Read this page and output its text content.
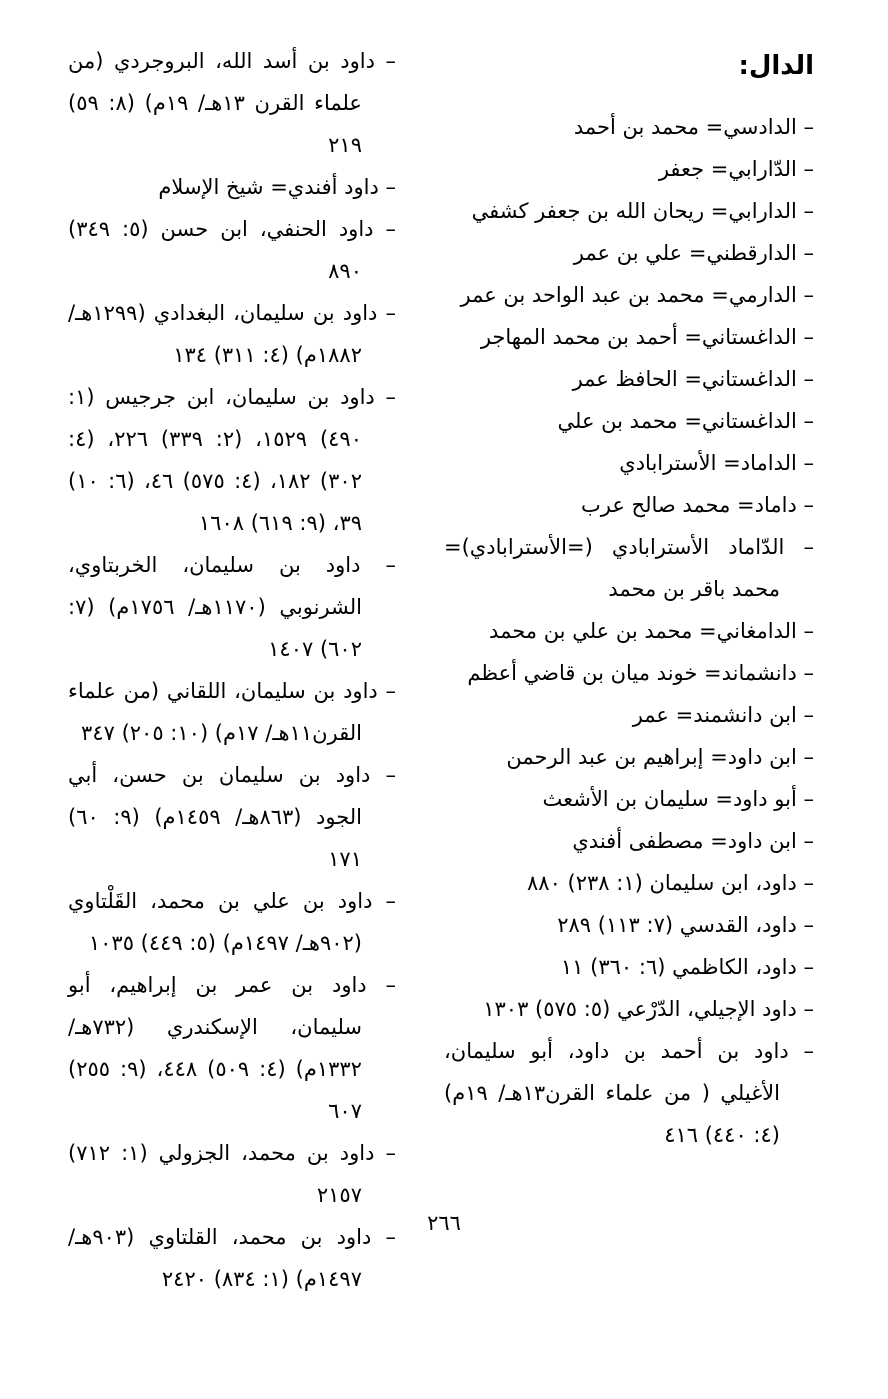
الدال:

– الدادسي= محمد بن أحمد

– الدّارابي= جعفر

– الدارابي= ريحان الله بن جعفر كشفي

– الدارقطني= علي بن عمر

– الدارمي= محمد بن عبد الواحد بن عمر

– الداغستاني= أحمد بن محمد المهاجر

– الداغستاني= الحافظ عمر

– الداغستاني= محمد بن علي

– الداماد= الأسترابادي

– داماد= محمد صالح عرب

– الدّاماد الأسترابادي (=الأسترابادي)= محمد باقر بن محمد

– الدامغاني= محمد بن علي بن محمد

– دانشماند= خوند ميان بن قاضي أعظم

– ابن دانشمند= عمر

– ابن داود= إبراهيم بن عبد الرحمن

– أبو داود= سليمان بن الأشعث

– ابن داود= مصطفى أفندي

– داود، ابن سليمان (١: ٢٣٨) ٨٨٠

– داود، القدسي (٧: ١١٣) ٢٨٩

– داود، الكاظمي (٦: ٣٦٠) ١١

– داود الإجيلي، الدّرْعي (٥: ٥٧٥) ١٣٠٣

– داود بن أحمد بن داود، أبو سليمان، الأغيلي ( من علماء القرن١٣هـ/ ١٩م) (٤: ٤٤٠) ٤١٦

– داود بن أسد الله، البروجردي (من علماء القرن ١٣هـ/ ١٩م) (٨: ٥٩) ٢١٩

– داود أفندي= شيخ الإسلام

– داود الحنفي، ابن حسن (٥: ٣٤٩) ٨٩٠

– داود بن سليمان، البغدادي (١٢٩٩هـ/ ١٨٨٢م) (٤: ٣١١) ١٣٤

– داود بن سليمان، ابن جرجيس (١: ٤٩٠) ١٥٢٩، (٢: ٣٣٩) ٢٢٦، (٤: ٣٠٢) ١٨٢، (٤: ٥٧٥) ٤٦، (٦: ١٠) ٣٩، (٩: ٦١٩) ١٦٠٨

– داود بن سليمان، الخربتاوي، الشرنوبي (١١٧٠هـ/ ١٧٥٦م) (٧: ٦٠٢) ١٤٠٧

– داود بن سليمان، اللقاني (من علماء القرن١١هـ/ ١٧م) (١٠: ٢٠٥) ٣٤٧

– داود بن سليمان بن حسن، أبي الجود (٨٦٣هـ/ ١٤٥٩م) (٩: ٦٠) ١٧١

– داود بن علي بن محمد، القَلْتاوي (٩٠٢هـ/ ١٤٩٧م) (٥: ٤٤٩) ١٠٣٥

– داود بن عمر بن إبراهيم، أبو سليمان، الإسكندري (٧٣٢هـ/ ١٣٣٢م) (٤: ٥٠٩) ٤٤٨، (٩: ٢٥٥) ٦٠٧

– داود بن محمد، الجزولي (١: ٧١٢) ٢١٥٧

– داود بن محمد، القلتاوي (٩٠٣هـ/ ١٤٩٧م) (١: ٨٣٤) ٢٤٢٠

٢٦٦
